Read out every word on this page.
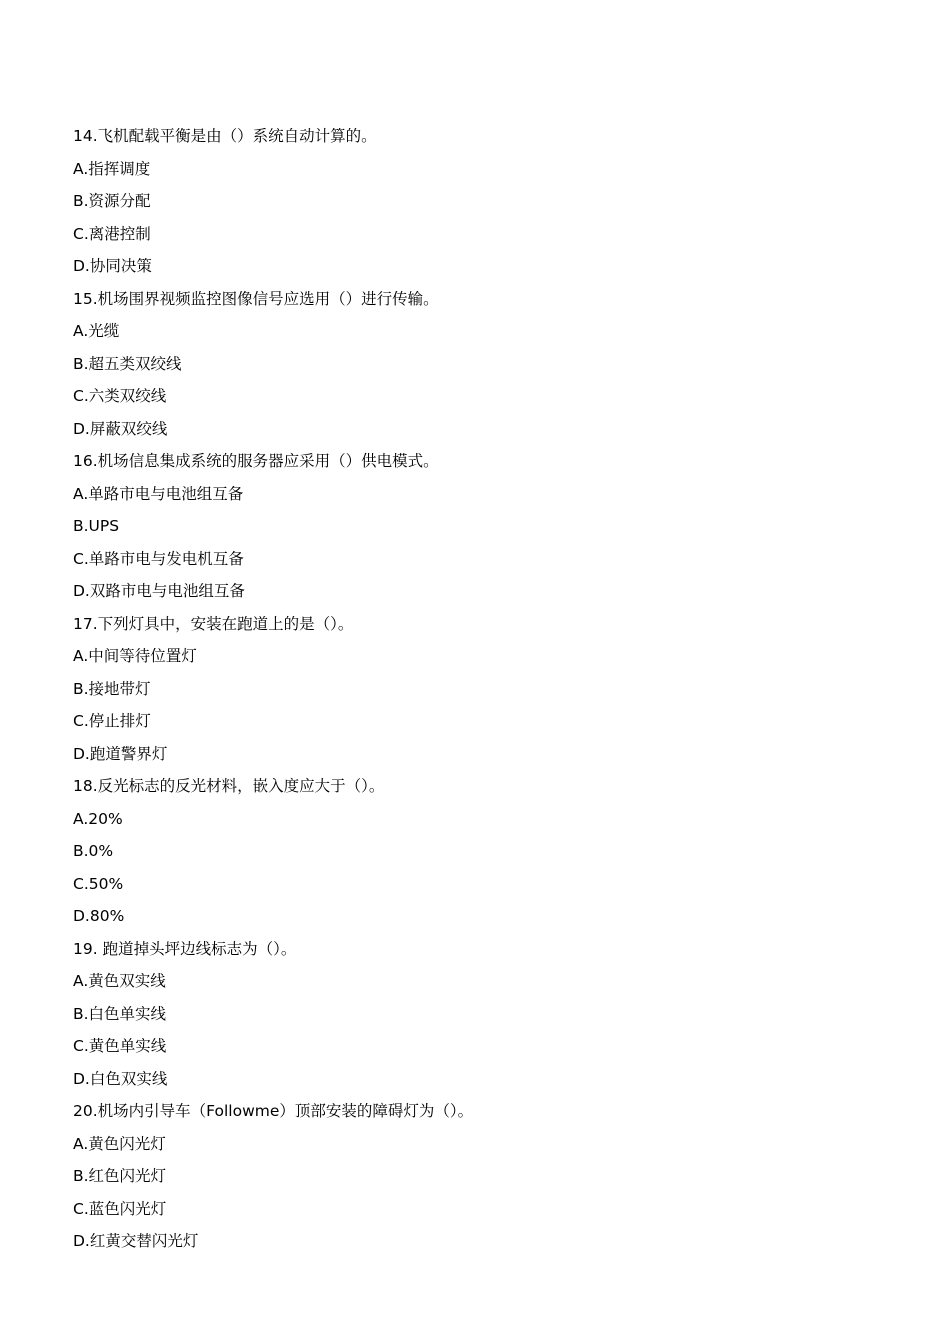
14.飞机配载平衡是由（）系统自动计算的。
A.指挥调度
B.资源分配
C.离港控制
D.协同决策
15.机场围界视频监控图像信号应选用（）进行传输。
A.光缆
B.超五类双绞线
C.六类双绞线
D.屏蔽双绞线
16.机场信息集成系统的服务器应采用（）供电模式。
A.单路市电与电池组互备
B.UPS
C.单路市电与发电机互备
D.双路市电与电池组互备
17.下列灯具中，安装在跑道上的是（）。
A.中间等待位置灯
B.接地带灯
C.停止排灯
D.跑道警界灯
18.反光标志的反光材料，嵌入度应大于（）。
A.20%
B.0%
C.50%
D.80%
19. 跑道掉头坪边线标志为（）。
A.黄色双实线
B.白色单实线
C.黄色单实线
D.白色双实线
20.机场内引导车（Followme）顶部安装的障碍灯为（）。
A.黄色闪光灯
B.红色闪光灯
C.蓝色闪光灯
D.红黄交替闪光灯
